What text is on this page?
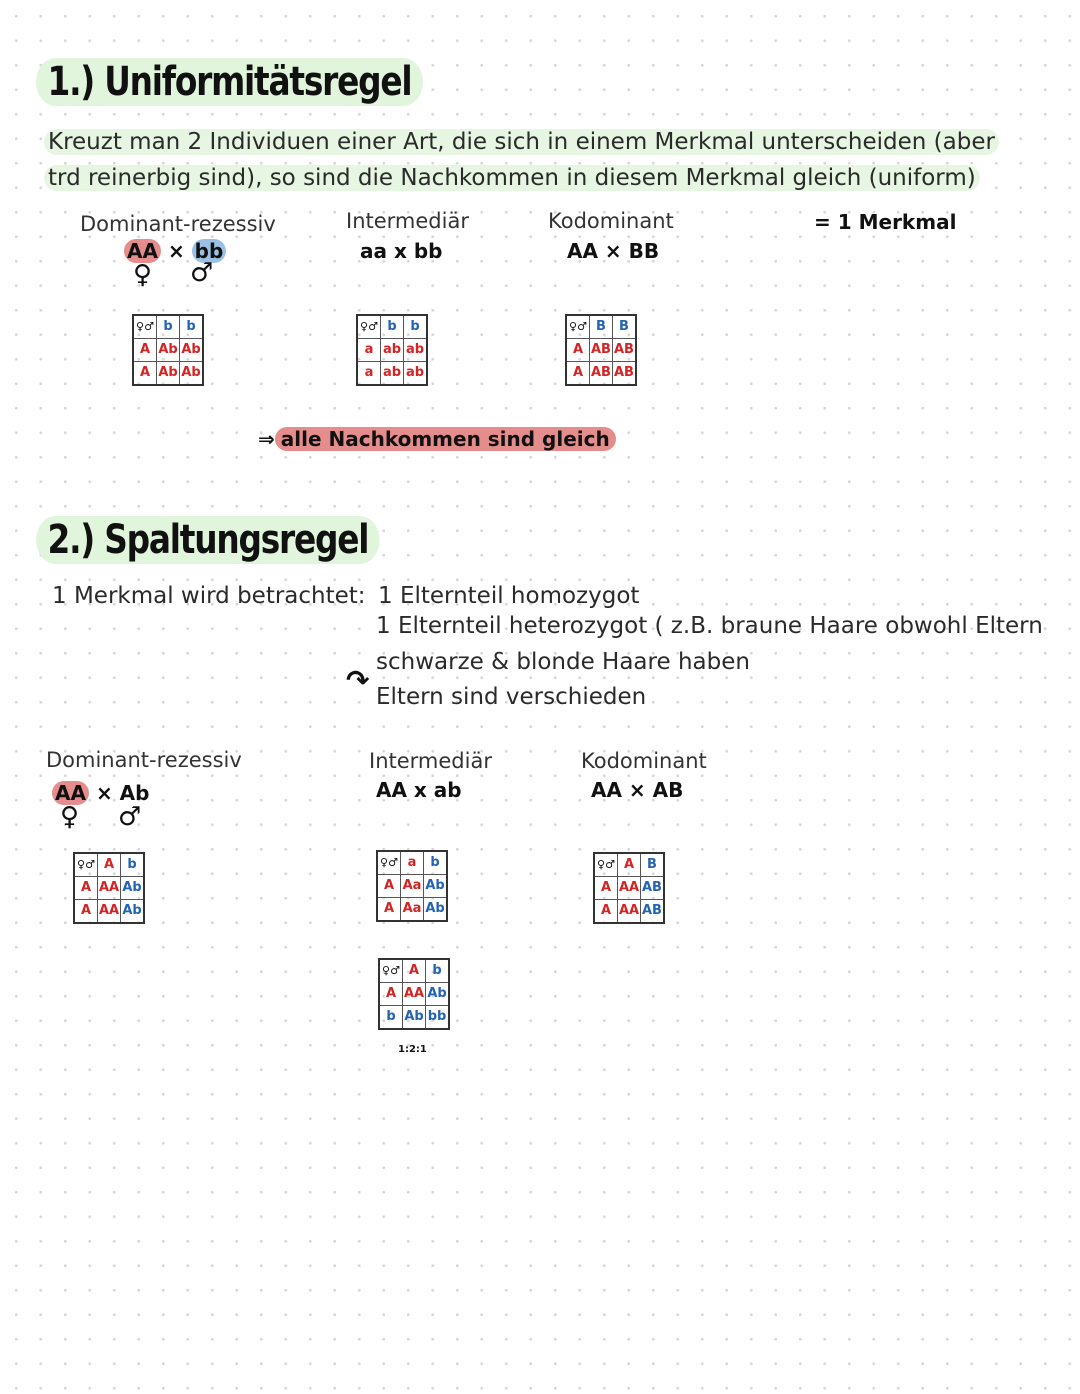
1.) Uniformitätsregel
Kreuzt man 2 Individuen einer Art, die sich in einem Merkmal unterscheiden (aber
trd reinerbig sind), so sind die Nachkommen in diesem Merkmal gleich (uniform)
Dominant-rezessiv
AA × bb
♀ ♂
♀♂	b	b
A	Ab	Ab
A	Ab	Ab
Intermediär
aa x bb
♀♂	b	b
a	ab	ab
a	ab	ab
Kodominant
AA × BB
♀♂	B	B
A	AB	AB
A	AB	AB
= 1 Merkmal
⇒ alle Nachkommen sind gleich
2.) Spaltungsregel
1 Merkmal wird betrachtet: 1 Elternteil homozygot
1 Elternteil heterozygot ( z.B. braune Haare obwohl Eltern
schwarze & blonde Haare haben
↷ Eltern sind verschieden
Dominant-rezessiv
AA × Ab
♀ ♂
♀♂	A	b
A	AA	Ab
A	AA	Ab
Intermediär
AA x ab
♀♂	a	b
A	Aa	Ab
A	Aa	Ab
♀♂	A	b
A	AA	Ab
b	Ab	bb
1:2:1
Kodominant
AA × AB
♀♂	A	B
A	AA	AB
A	AA	AB
